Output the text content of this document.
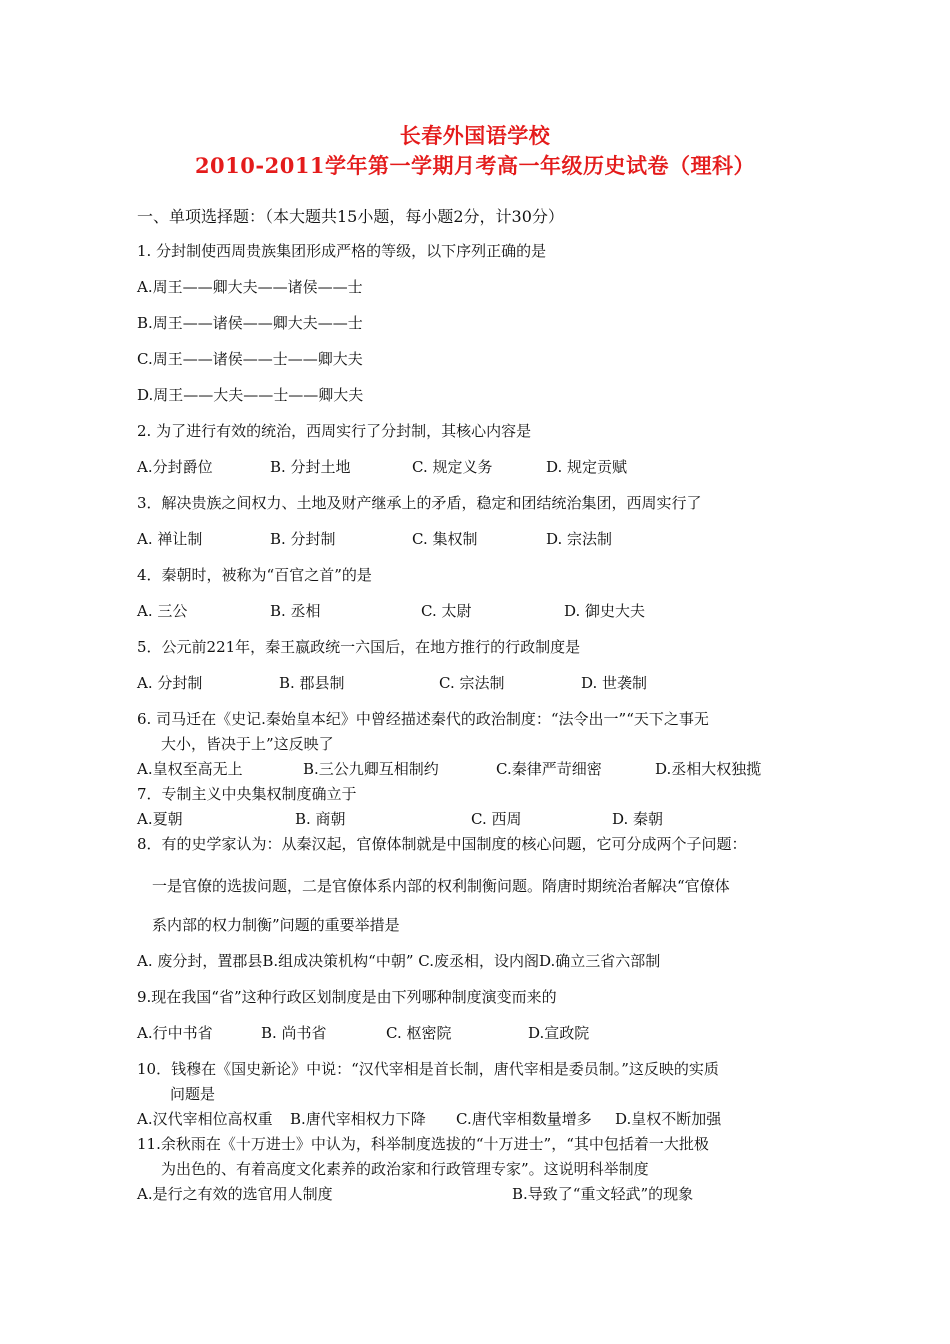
长春外国语学校
2010-2011学年第一学期月考高一年级历史试卷（理科）
一、单项选择题：（本大题共15小题，每小题2分，计30分）
1. 分封制使西周贵族集团形成严格的等级，以下序列正确的是
A.周王——卿大夫——诸侯——士
B.周王——诸侯——卿大夫——士
C.周王——诸侯——士——卿大夫
D.周王——大夫——士——卿大夫
2. 为了进行有效的统治，西周实行了分封制，其核心内容是
A.分封爵位	B. 分封土地	C. 规定义务	D. 规定贡赋
3．解决贵族之间权力、土地及财产继承上的矛盾，稳定和团结统治集团，西周实行了
A. 禅让制	B. 分封制	C. 集权制	D. 宗法制
4．秦朝时，被称为“百官之首”的是
A. 三公	B. 丞相	C. 太尉	D. 御史大夫
5．公元前221年，秦王嬴政统一六国后，在地方推行的行政制度是
A. 分封制	B. 郡县制	C. 宗法制	D. 世袭制
6. 司马迁在《史记.秦始皇本纪》中曾经描述秦代的政治制度：“法令出一”“天下之事无
大小，皆决于上”这反映了
A.皇权至高无上	B.三公九卿互相制约	C.秦律严苛细密	D.丞相大权独揽
7．专制主义中央集权制度确立于
A.夏朝	B. 商朝	C. 西周	D. 秦朝
8．有的史学家认为：从秦汉起，官僚体制就是中国制度的核心问题，它可分成两个子问题：
一是官僚的选拔问题，二是官僚体系内部的权利制衡问题。隋唐时期统治者解决“官僚体
系内部的权力制衡”问题的重要举措是
A. 废分封，置郡县B.组成决策机构“中朝” C.废丞相，设内阁D.确立三省六部制
9.现在我国“省”这种行政区划制度是由下列哪种制度演变而来的
A.行中书省	B. 尚书省	C. 枢密院	D.宣政院
10．钱穆在《国史新论》中说：“汉代宰相是首长制，唐代宰相是委员制。”这反映的实质
问题是
A.汉代宰相位高权重 B.唐代宰相权力下降 C.唐代宰相数量增多 D.皇权不断加强
11.余秋雨在《十万进士》中认为，科举制度选拔的“十万进士”，“其中包括着一大批极
为出色的、有着高度文化素养的政治家和行政管理专家”。这说明科举制度
A.是行之有效的选官用人制度	B.导致了“重文轻武”的现象
